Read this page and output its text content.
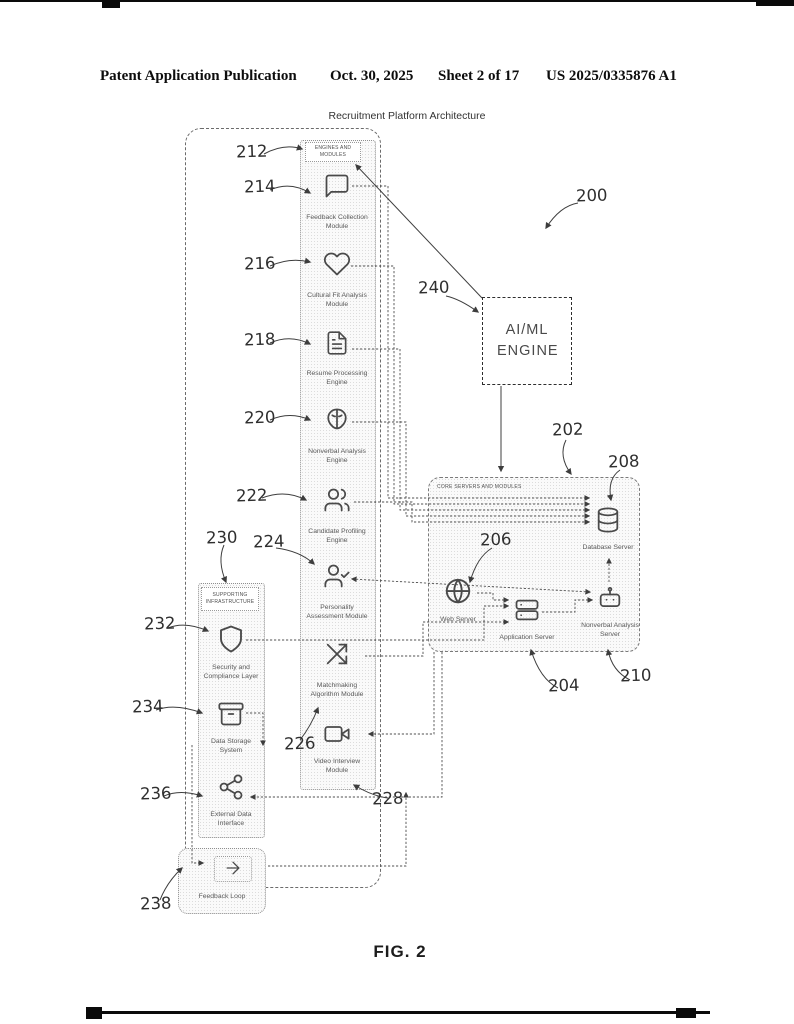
Patent Application Publication Oct. 30, 2025 Sheet 2 of 17 US 2025/0335876 A1
Recruitment Platform Architecture
ENGINES AND MODULES
SUPPORTING INFRASTRUCTURE
CORE SERVERS AND MODULES
Feedback Collection Module
Cultural Fit Analysis Module
Resume Processing Engine
Nonverbal Analysis Engine
Candidate Profiling Engine
Personality Assessment Module
Matchmaking Algorithm Module
Video Interview Module
Security and Compliance Layer
Data Storage System
External Data Interface
Feedback Loop
AI/ML ENGINE
Database Server
Web Server
Application Server
Nonverbal Analysis Server
200
202
204
206
208
210
212
214
216
218
220
222
224
226
228
230
232
234
236
238
240
FIG. 2
